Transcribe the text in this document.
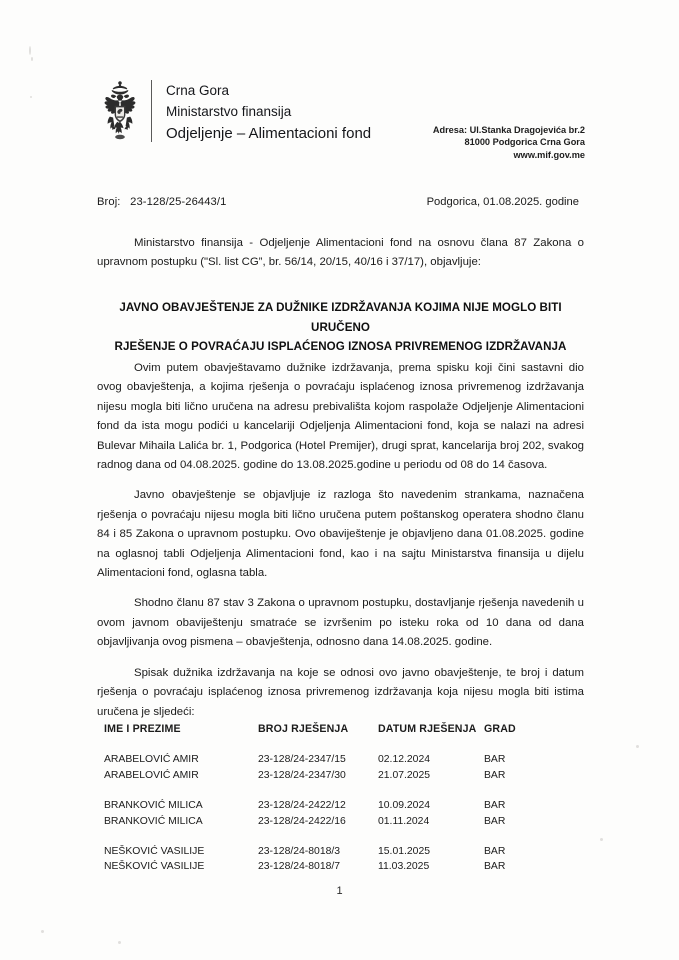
Crna Gora
Ministarstvo finansija
Odjeljenje – Alimentacioni fond	Adresa: Ul.Stanka Dragojevića br.2
81000 Podgorica Crna Gora
www.mif.gov.me
Broj: 23-128/25-26443/1	Podgorica, 01.08.2025. godine

Ministarstvo finansija - Odjeljenje Alimentacioni fond na osnovu člana 87 Zakona o upravnom postupku ("Sl. list CG”, br. 56/14, 20/15, 40/16 i 37/17), objavljuje:

JAVNO OBAVJEŠTENJE ZA DUŽNIKE IZDRŽAVANJA KOJIMA NIJE MOGLO BITI URUČENO
RJEŠENJE O POVRAĆAJU ISPLAĆENOG IZNOSA PRIVREMENOG IZDRŽAVANJA

Ovim putem obavještavamo dužnike izdržavanja, prema spisku koji čini sastavni dio ovog obavještenja, a kojima rješenja o povraćaju isplaćenog iznosa privremenog izdržavanja nijesu mogla biti lično uručena na adresu prebivališta kojom raspolaže Odjeljenje Alimentacioni fond da ista mogu podići u kancelariji Odjeljenja Alimentacioni fond, koja se nalazi na adresi Bulevar Mihaila Lalića br. 1, Podgorica (Hotel Premijer), drugi sprat, kancelarija broj 202, svakog radnog dana od 04.08.2025. godine do 13.08.2025.godine u periodu od 08 do 14 časova.

Javno obavještenje se objavljuje iz razloga što navedenim strankama, naznačena rješenja o povraćaju nijesu mogla biti lično uručena putem poštanskog operatera shodno članu 84 i 85 Zakona o upravnom postupku. Ovo obaviještenje je objavljeno dana 01.08.2025. godine na oglasnoj tabli Odjeljenja Alimentacioni fond, kao i na sajtu Ministarstva finansija u dijelu Alimentacioni fond, oglasna tabla.

Shodno članu 87 stav 3 Zakona o upravnom postupku, dostavljanje rješenja navedenih u ovom javnom obaviještenju smatraće se izvršenim po isteku roka od 10 dana od dana objavljivanja ovog pismena – obavještenja, odnosno dana 14.08.2025. godine.

Spisak dužnika izdržavanja na koje se odnosi ovo javno obavještenje, te broj i datum rješenja o povraćaju isplaćenog iznosa privremenog izdržavanja koja nijesu mogla biti istima uručena je sljedeći:

IME I PREZIME	BROJ RJEŠENJA	DATUM RJEŠENJA GRAD
ARABELOVIĆ AMIR	23-128/24-2347/15	02.12.2024	BAR
ARABELOVIĆ AMIR	23-128/24-2347/30	21.07.2025	BAR
BRANKOVIĆ MILICA	23-128/24-2422/12	10.09.2024	BAR
BRANKOVIĆ MILICA	23-128/24-2422/16	01.11.2024	BAR
NEŠKOVIĆ VASILIJE	23-128/24-8018/3	15.01.2025	BAR
NEŠKOVIĆ VASILIJE	23-128/24-8018/7	11.03.2025	BAR
1
